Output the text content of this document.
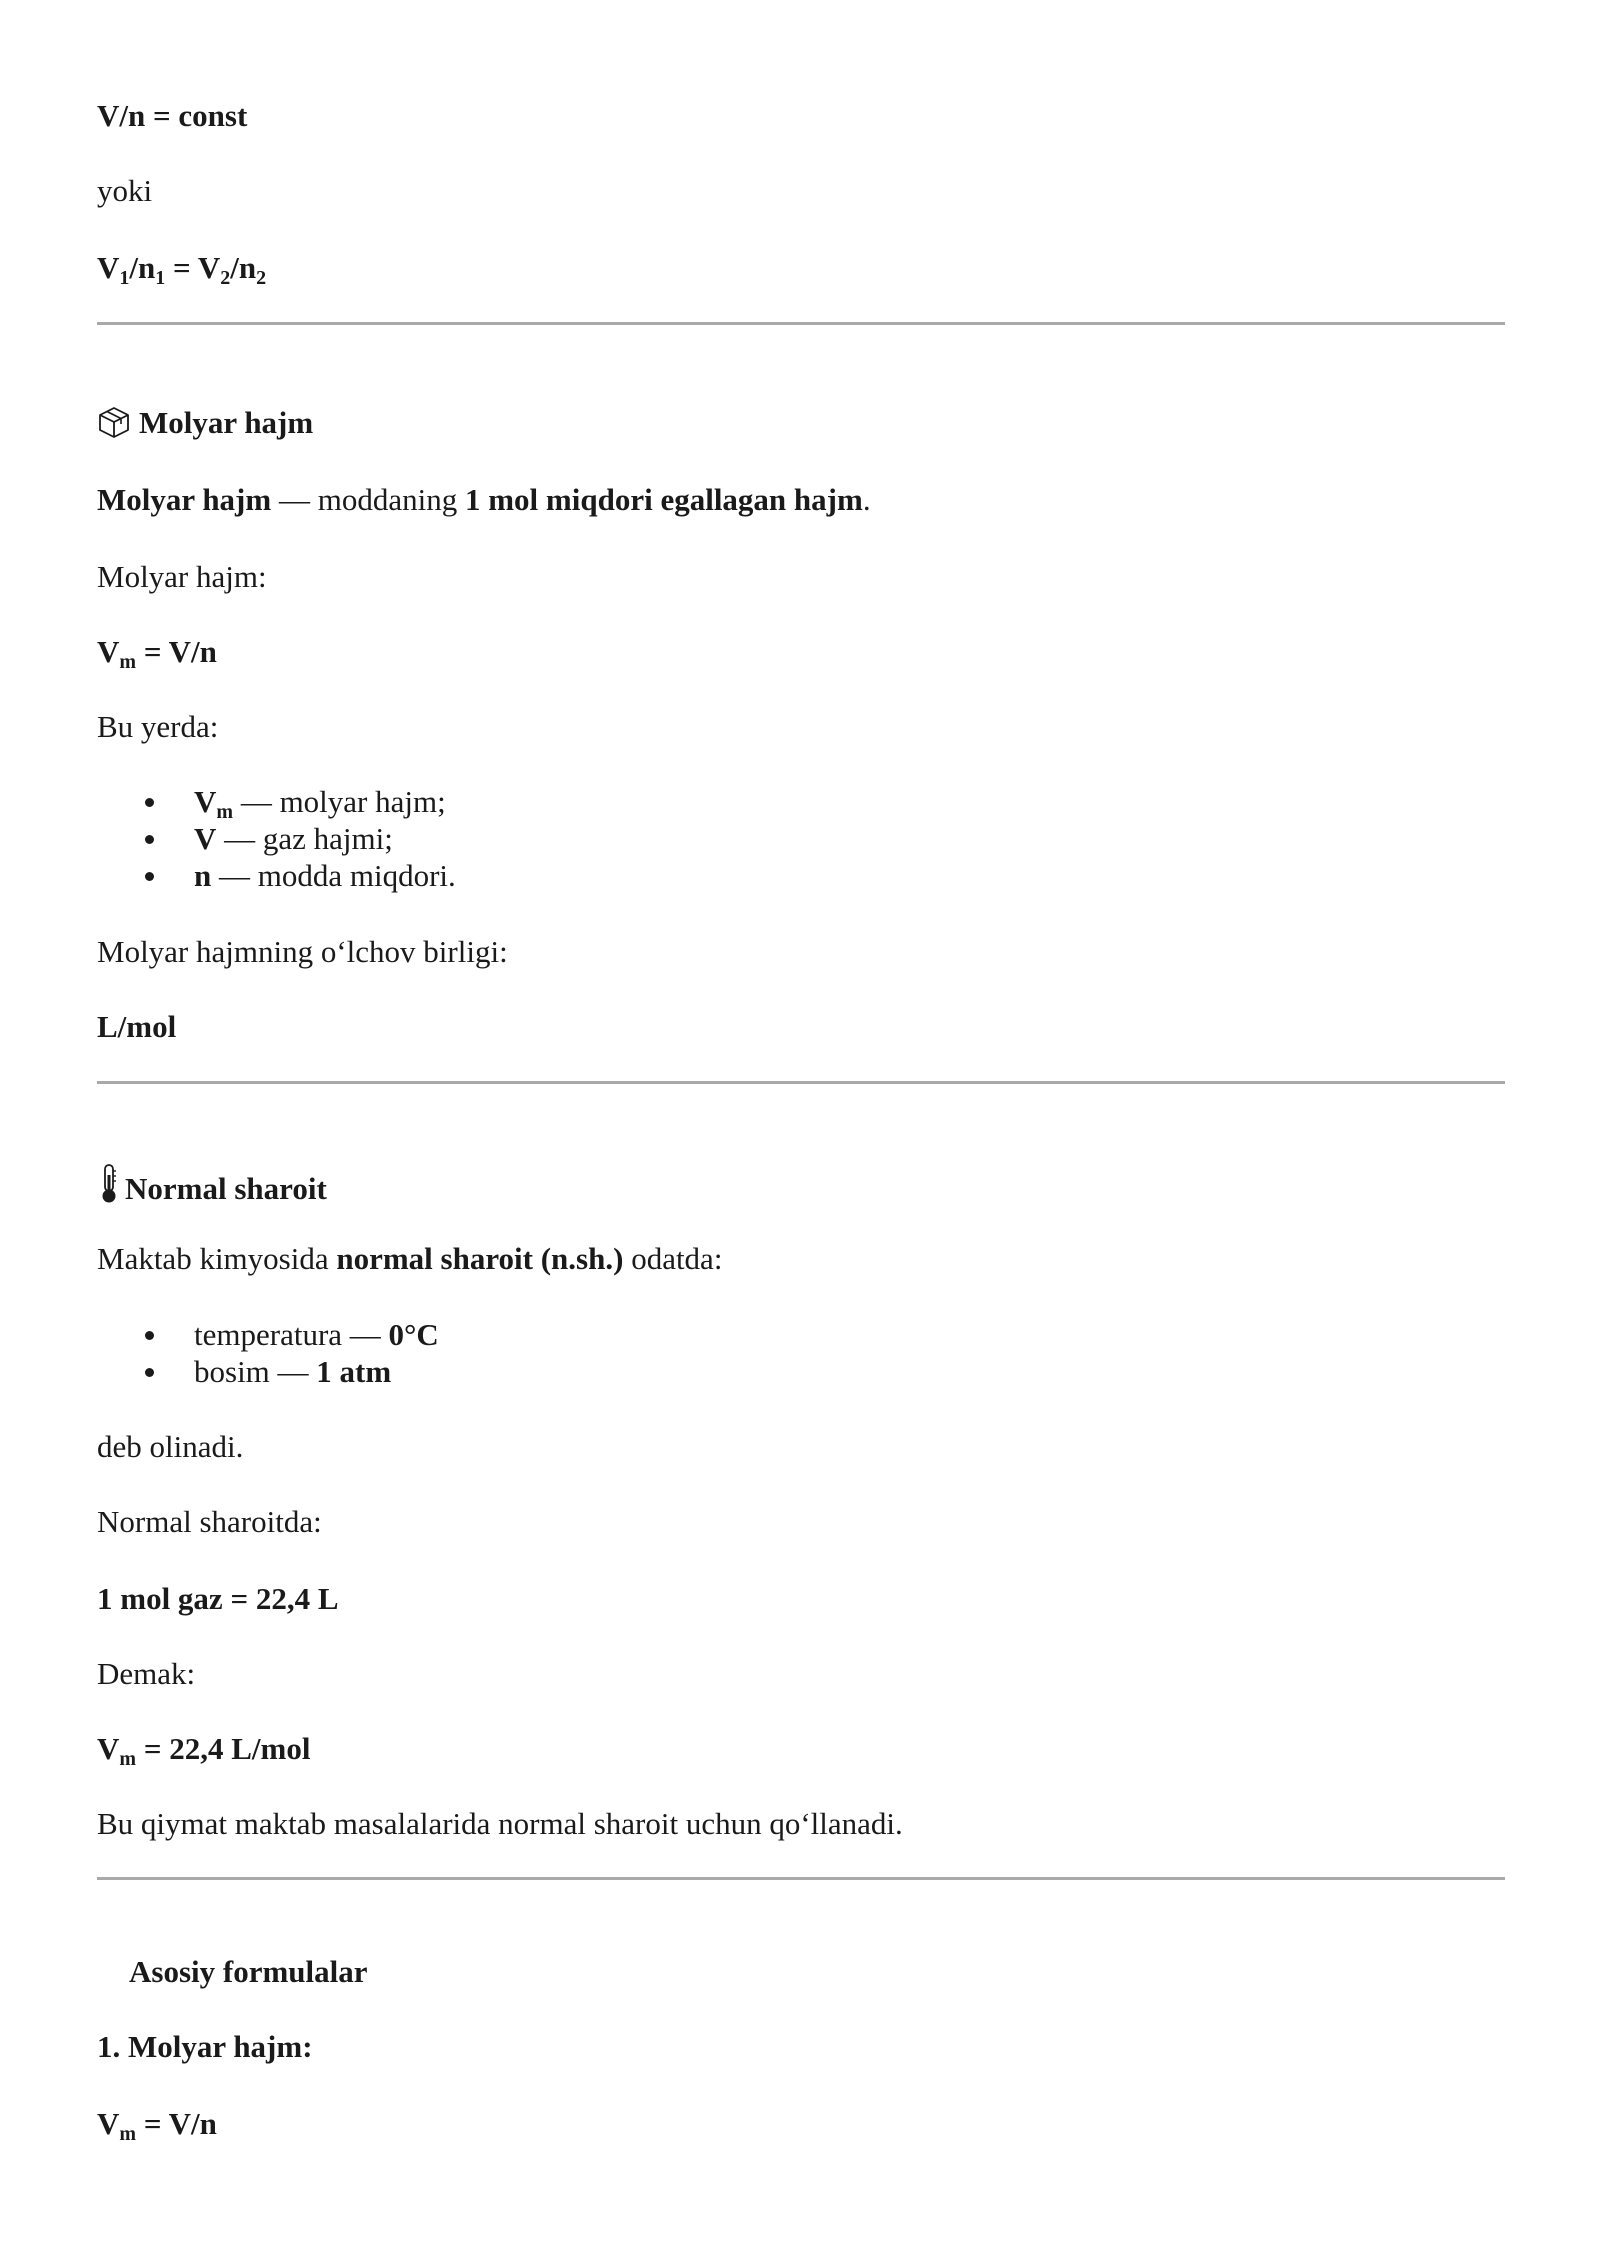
V/n = const
yoki
$V_1/n_1 = V_2/n_2$
Molyar hajm
Molyar hajm — moddaning 1 mol miqdori egallagan hajm.
Molyar hajm:
$V_m = V/n$
Bu yerda:
$V_m$ — molyar hajm;
V — gaz hajmi;
n — modda miqdori.
Molyar hajmning o‘lchov birligi:
L/mol
Normal sharoit
Maktab kimyosida normal sharoit (n.sh.) odatda:
temperatura — 0°C
bosim — 1 atm
deb olinadi.
Normal sharoitda:
1 mol gaz = 22,4 L
Demak:
$V_m = 22,4$ L/mol
Bu qiymat maktab masalalarida normal sharoit uchun qo‘llanadi.
Asosiy formulalar
1. Molyar hajm:
$V_m = V/n$
